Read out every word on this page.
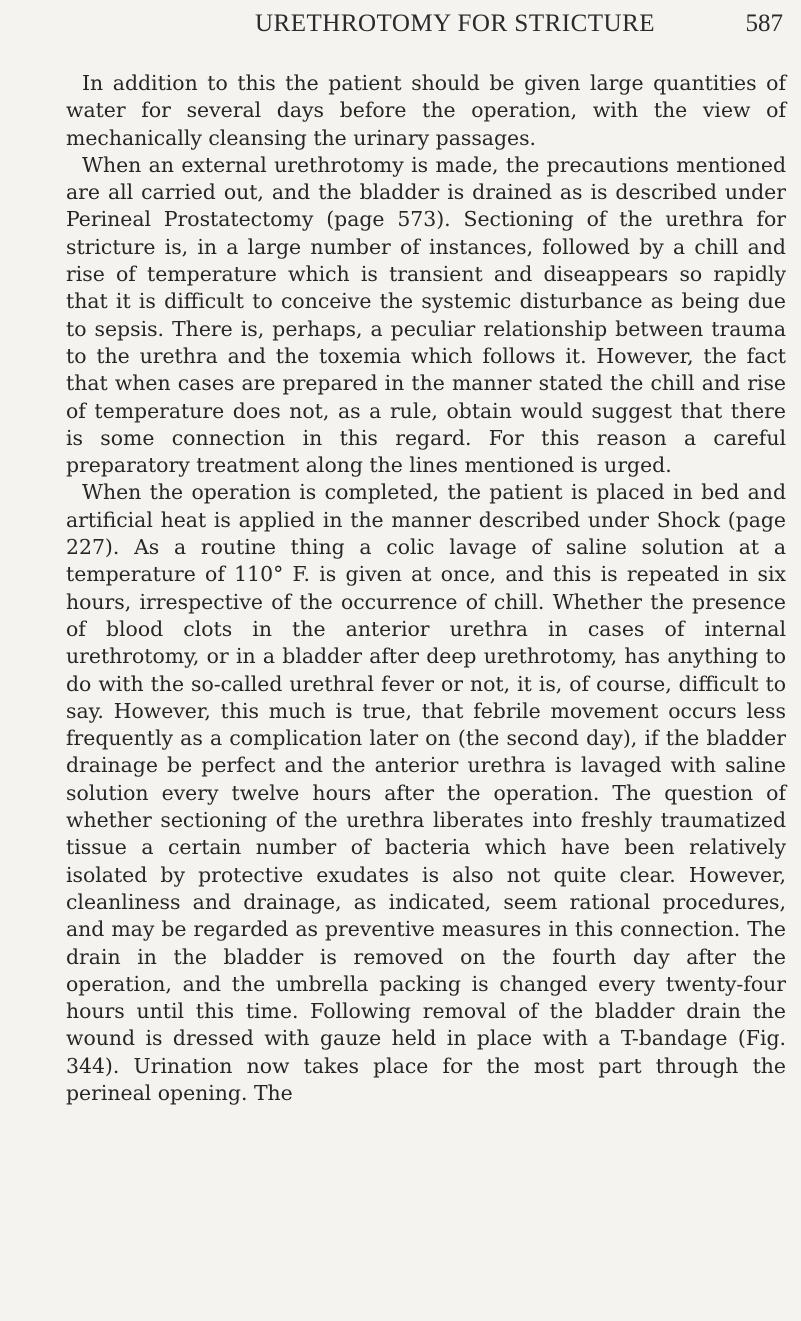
URETHROTOMY FOR STRICTURE	587

In addition to this the patient should be given large quantities of water for several days before the operation, with the view of mechanically cleansing the urinary passages.

When an external urethrotomy is made, the precautions mentioned are all carried out, and the bladder is drained as is described under Perineal Prostatectomy (page 573). Sectioning of the urethra for stricture is, in a large number of instances, followed by a chill and rise of temperature which is transient and diseappears so rapidly that it is difficult to conceive the systemic disturbance as being due to sepsis. There is, perhaps, a peculiar relationship between trauma to the urethra and the toxemia which follows it. However, the fact that when cases are prepared in the manner stated the chill and rise of temperature does not, as a rule, obtain would suggest that there is some connection in this regard. For this reason a careful preparatory treatment along the lines mentioned is urged.

When the operation is completed, the patient is placed in bed and artificial heat is applied in the manner described under Shock (page 227). As a routine thing a colic lavage of saline solution at a temperature of 110° F. is given at once, and this is repeated in six hours, irrespective of the occurrence of chill. Whether the presence of blood clots in the anterior urethra in cases of internal urethrotomy, or in a bladder after deep urethrotomy, has anything to do with the so-called urethral fever or not, it is, of course, difficult to say. However, this much is true, that febrile movement occurs less frequently as a complication later on (the second day), if the bladder drainage be perfect and the anterior urethra is lavaged with saline solution every twelve hours after the operation. The question of whether sectioning of the urethra liberates into freshly traumatized tissue a certain number of bacteria which have been relatively isolated by protective exudates is also not quite clear. However, cleanliness and drainage, as indicated, seem rational procedures, and may be regarded as preventive measures in this connection. The drain in the bladder is removed on the fourth day after the operation, and the umbrella packing is changed every twenty-four hours until this time. Following removal of the bladder drain the wound is dressed with gauze held in place with a T-bandage (Fig. 344). Urination now takes place for the most part through the perineal opening. The
